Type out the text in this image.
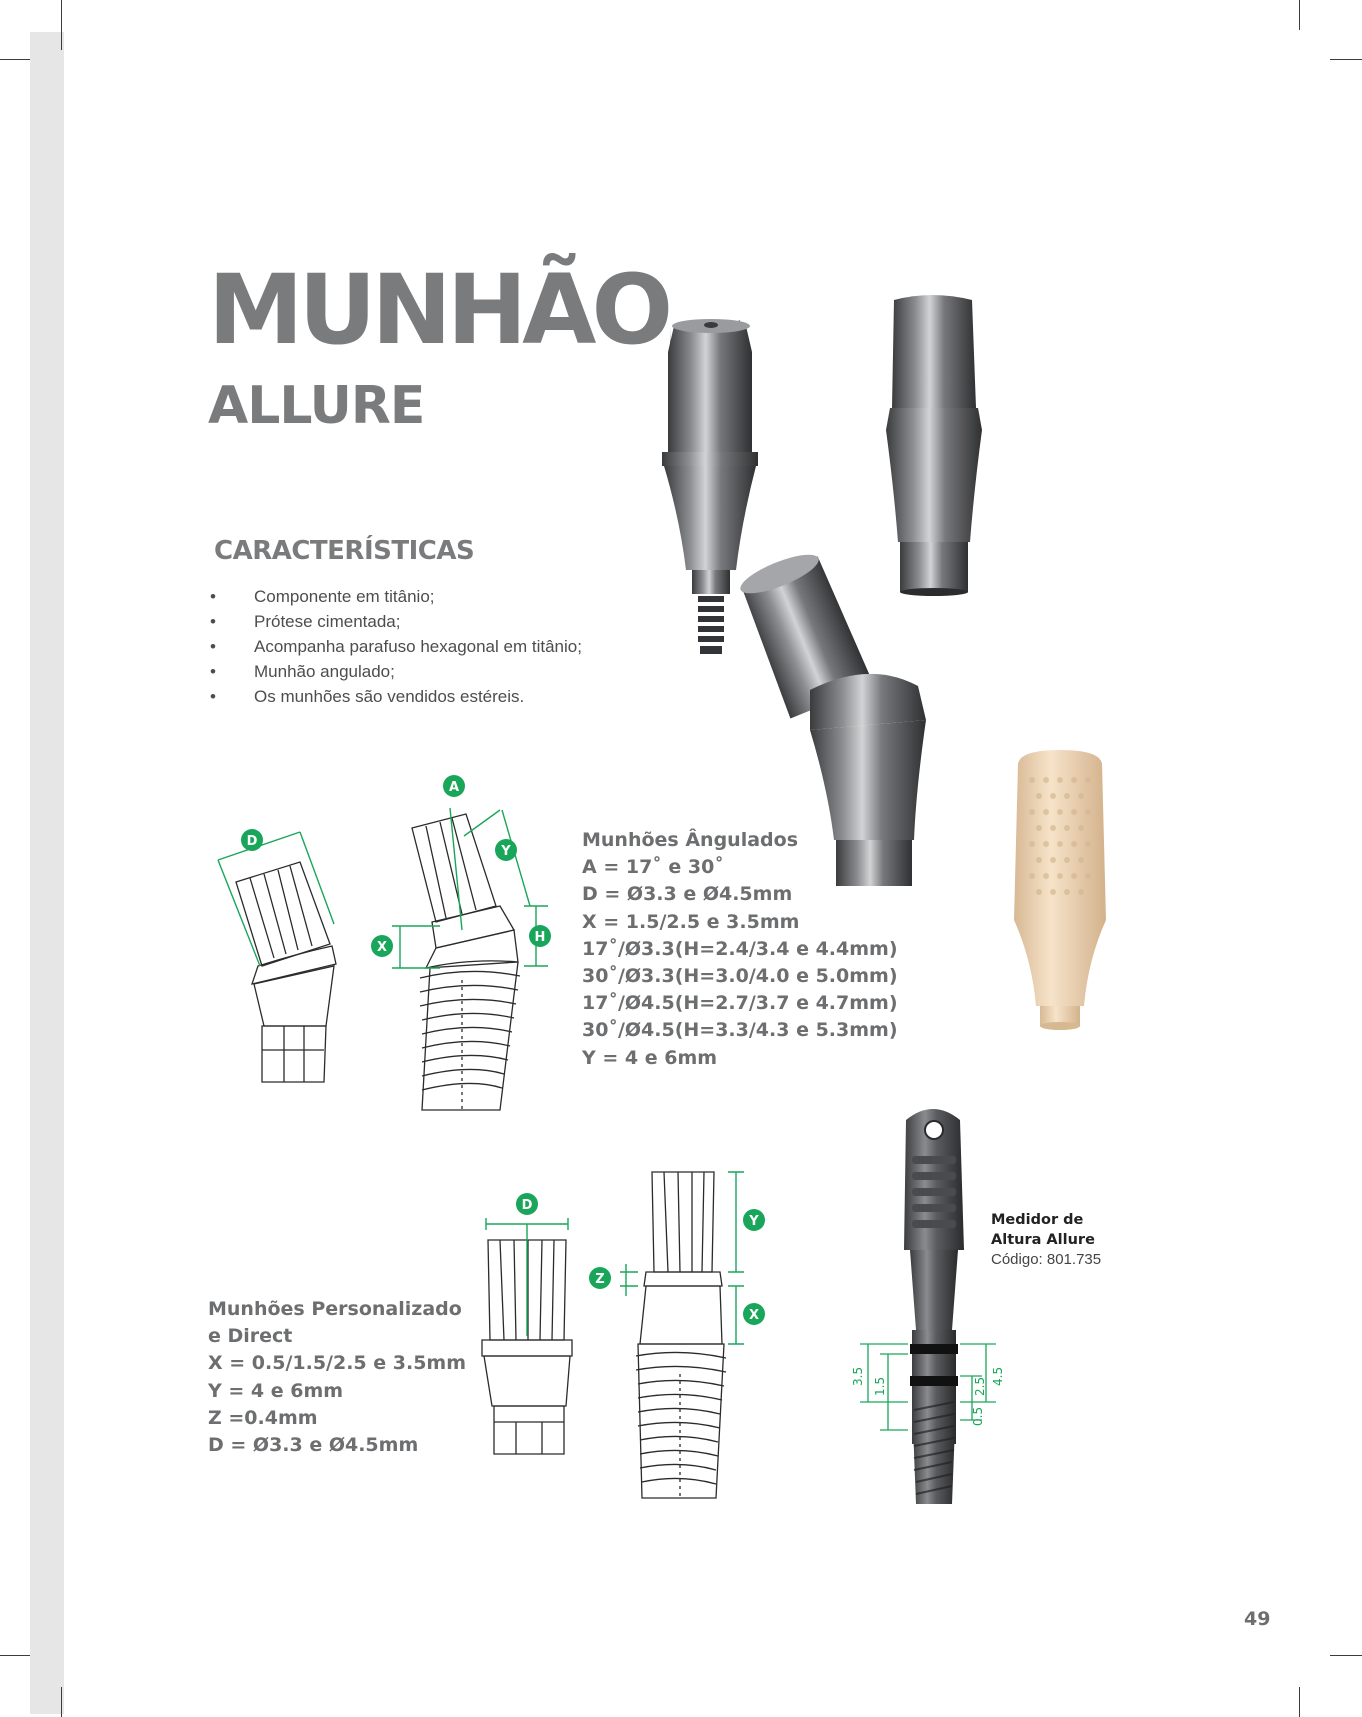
MUNHÃO
ALLURE
CARACTERÍSTICAS
• Componente em titânio;
• Prótese cimentada;
• Acompanha parafuso hexagonal em titânio;
• Munhão angulado;
• Os munhões são vendidos estéreis.
Munhões Ângulados
A = 17˚ e 30˚
D = Ø3.3 e Ø4.5mm
X = 1.5/2.5 e 3.5mm
17˚/Ø3.3(H=2.4/3.4 e 4.4mm)
30˚/Ø3.3(H=3.0/4.0 e 5.0mm)
17˚/Ø4.5(H=2.7/3.7 e 4.7mm)
30˚/Ø4.5(H=3.3/4.3 e 5.3mm)
Y = 4 e 6mm
Munhões Personalizado
e Direct
X = 0.5/1.5/2.5 e 3.5mm
Y = 4 e 6mm
Z =0.4mm
D = Ø3.3 e Ø4.5mm
Medidor de
Altura Allure
Código: 801.735
49
D
A
Y
X
H
D
Y
Z
X
3.5
1.5
4.5
2.5
0.5
